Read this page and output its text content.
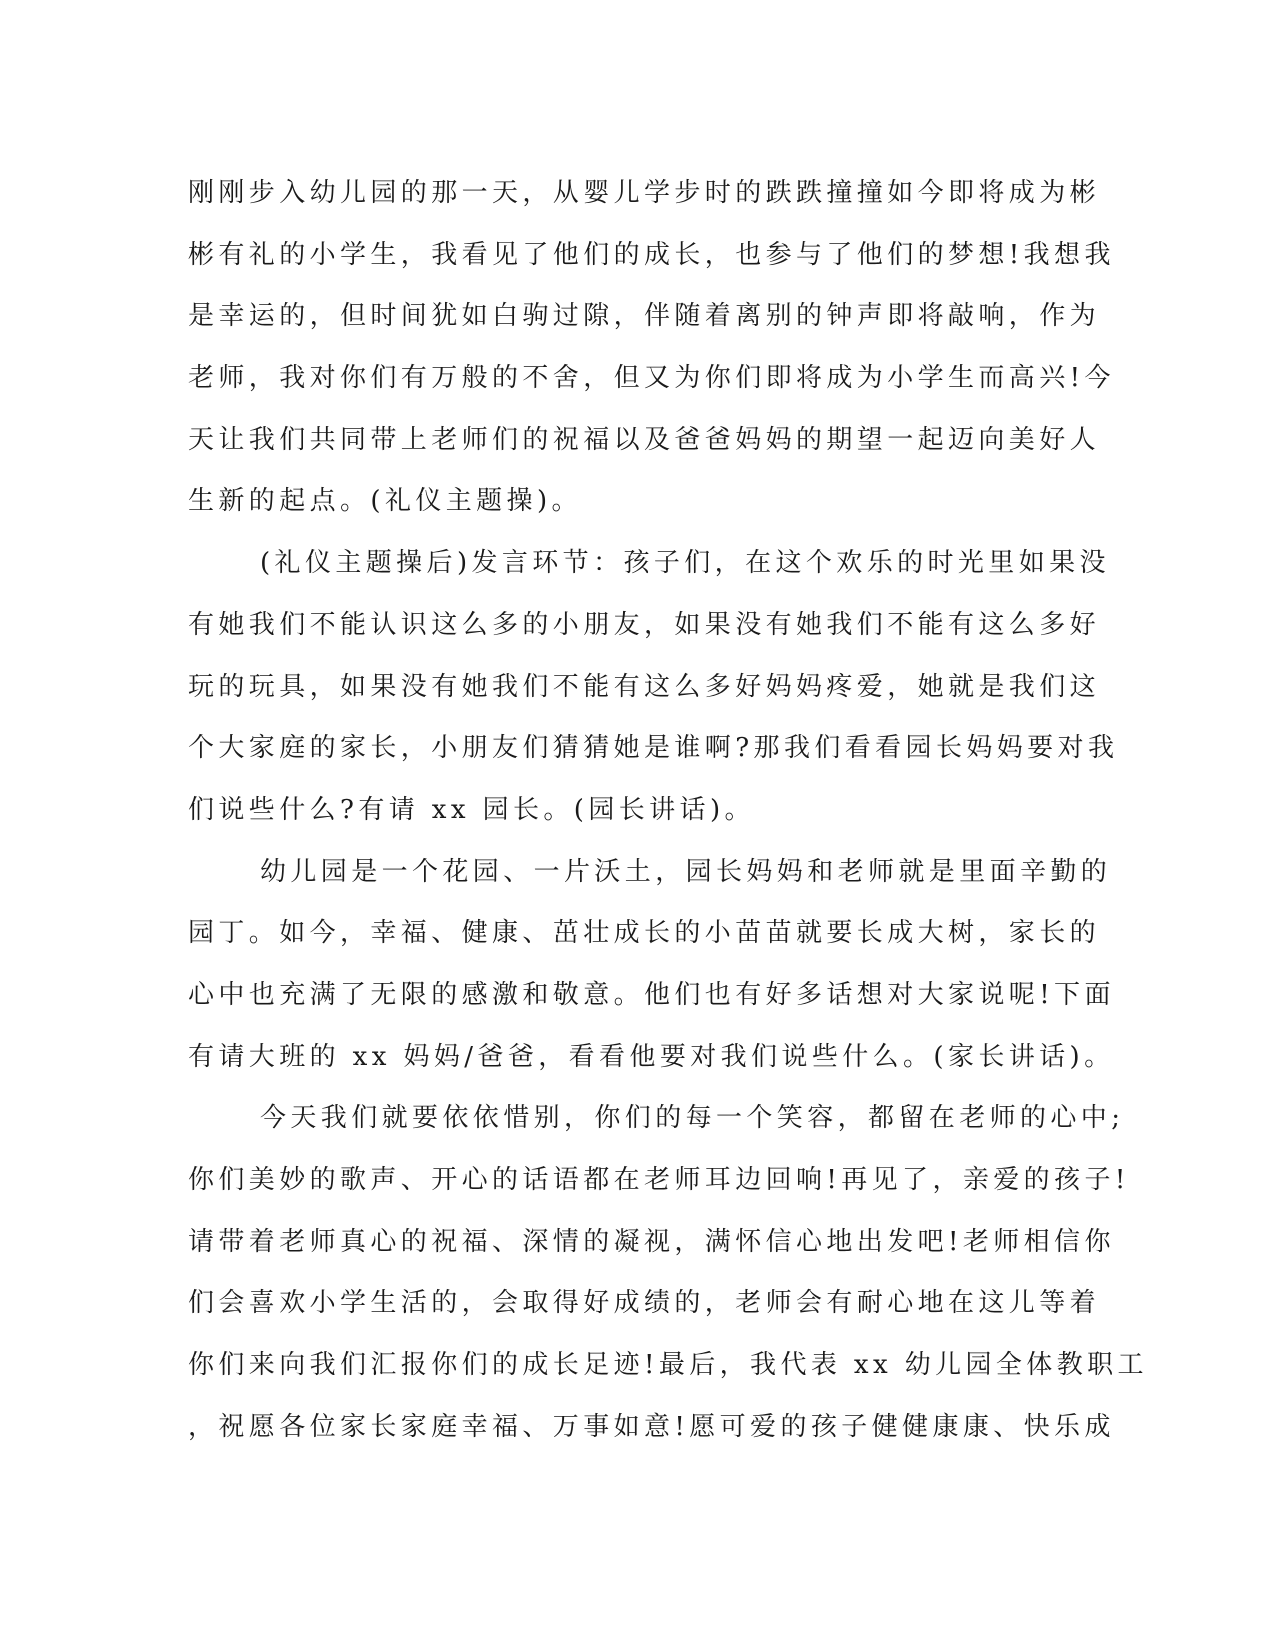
刚刚步入幼儿园的那一天，从婴儿学步时的跌跌撞撞如今即将成为彬
彬有礼的小学生，我看见了他们的成长，也参与了他们的梦想!我想我
是幸运的，但时间犹如白驹过隙，伴随着离别的钟声即将敲响，作为
老师，我对你们有万般的不舍，但又为你们即将成为小学生而高兴!今
天让我们共同带上老师们的祝福以及爸爸妈妈的期望一起迈向美好人
生新的起点。(礼仪主题操)。
(礼仪主题操后)发言环节：孩子们，在这个欢乐的时光里如果没
有她我们不能认识这么多的小朋友，如果没有她我们不能有这么多好
玩的玩具，如果没有她我们不能有这么多好妈妈疼爱，她就是我们这
个大家庭的家长，小朋友们猜猜她是谁啊?那我们看看园长妈妈要对我
们说些什么?有请 xx 园长。(园长讲话)。
幼儿园是一个花园、一片沃土，园长妈妈和老师就是里面辛勤的
园丁。如今，幸福、健康、茁壮成长的小苗苗就要长成大树，家长的
心中也充满了无限的感激和敬意。他们也有好多话想对大家说呢!下面
有请大班的 xx 妈妈/爸爸，看看他要对我们说些什么。(家长讲话)。
今天我们就要依依惜别，你们的每一个笑容，都留在老师的心中;
你们美妙的歌声、开心的话语都在老师耳边回响!再见了，亲爱的孩子!
请带着老师真心的祝福、深情的凝视，满怀信心地出发吧!老师相信你
们会喜欢小学生活的，会取得好成绩的，老师会有耐心地在这儿等着
你们来向我们汇报你们的成长足迹!最后，我代表 xx 幼儿园全体教职工
，祝愿各位家长家庭幸福、万事如意!愿可爱的孩子健健康康、快乐成
